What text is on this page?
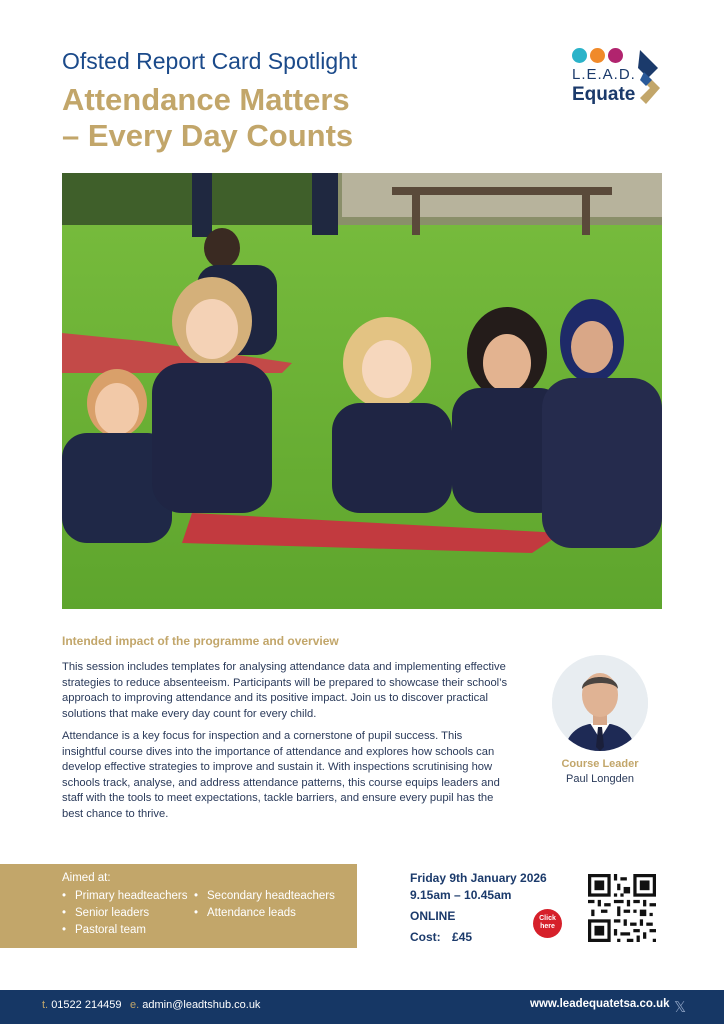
Ofsted Report Card Spotlight
Attendance Matters
– Every Day Counts
L.E.A.D.
Equate
Intended impact of the programme and overview
This session includes templates for analysing attendance data and implementing effective
strategies to reduce absenteeism. Participants will be prepared to showcase their school’s
approach to improving attendance and its positive impact. Join us to discover practical
solutions that make every day count for every child.
Attendance is a key focus for inspection and a cornerstone of pupil success. This
insightful course dives into the importance of attendance and explores how schools can
develop effective strategies to improve and sustain it. With inspections scrutinising how
schools track, analyse, and address attendance patterns, this course equips leaders and
staff with the tools to meet expectations, tackle barriers, and ensure every pupil has the
best chance to thrive.
Course Leader
Paul Longden
Aimed at:
• Primary headteachers
• Senior leaders
• Pastoral team
• Secondary headteachers
• Attendance leads
Friday 9th January 2026
9.15am – 10.45am
ONLINE
Cost: £45
Click
here
t. 01522 214459 e. admin@leadtshub.co.uk	www.leadequatetsa.co.uk 𝕏
